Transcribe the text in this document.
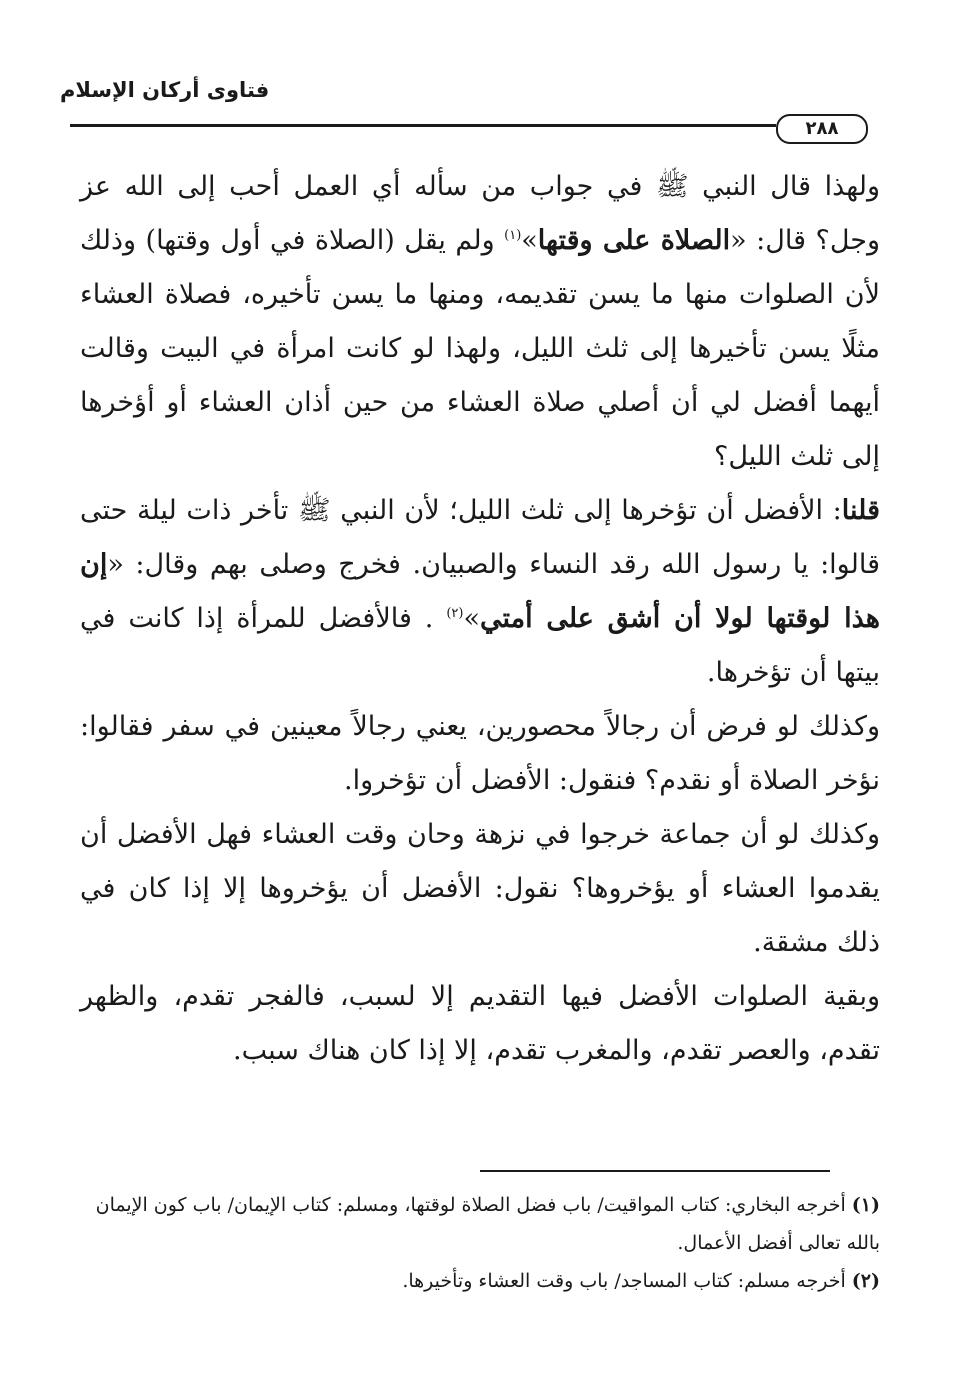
فتاوى أركان الإسلام
٢٨٨

ولهذا قال النبي ﷺ في جواب من سأله أي العمل أحب إلى الله عز وجل؟ قال: «الصلاة على وقتها»$^{(١)}$ ولم يقل (الصلاة في أول وقتها) وذلك لأن الصلوات منها ما يسن تقديمه، ومنها ما يسن تأخيره، فصلاة العشاء مثلًا يسن تأخيرها إلى ثلث الليل، ولهذا لو كانت امرأة في البيت وقالت أيهما أفضل لي أن أصلي صلاة العشاء من حين أذان العشاء أو أؤخرها إلى ثلث الليل؟

قلنا: الأفضل أن تؤخرها إلى ثلث الليل؛ لأن النبي ﷺ تأخر ذات ليلة حتى قالوا: يا رسول الله رقد النساء والصبيان. فخرج وصلى بهم وقال: «إن هذا لوقتها لولا أن أشق على أمتي»$^{(٢)}$ . فالأفضل للمرأة إذا كانت في بيتها أن تؤخرها.

وكذلك لو فرض أن رجالاً محصورين، يعني رجالاً معينين في سفر فقالوا: نؤخر الصلاة أو نقدم؟ فنقول: الأفضل أن تؤخروا.

وكذلك لو أن جماعة خرجوا في نزهة وحان وقت العشاء فهل الأفضل أن يقدموا العشاء أو يؤخروها؟ نقول: الأفضل أن يؤخروها إلا إذا كان في ذلك مشقة.

وبقية الصلوات الأفضل فيها التقديم إلا لسبب، فالفجر تقدم، والظهر تقدم، والعصر تقدم، والمغرب تقدم، إلا إذا كان هناك سبب.

(١) أخرجه البخاري: كتاب المواقيت/ باب فضل الصلاة لوقتها، ومسلم: كتاب الإيمان/ باب كون الإيمان بالله تعالى أفضل الأعمال.

(٢) أخرجه مسلم: كتاب المساجد/ باب وقت العشاء وتأخيرها.
